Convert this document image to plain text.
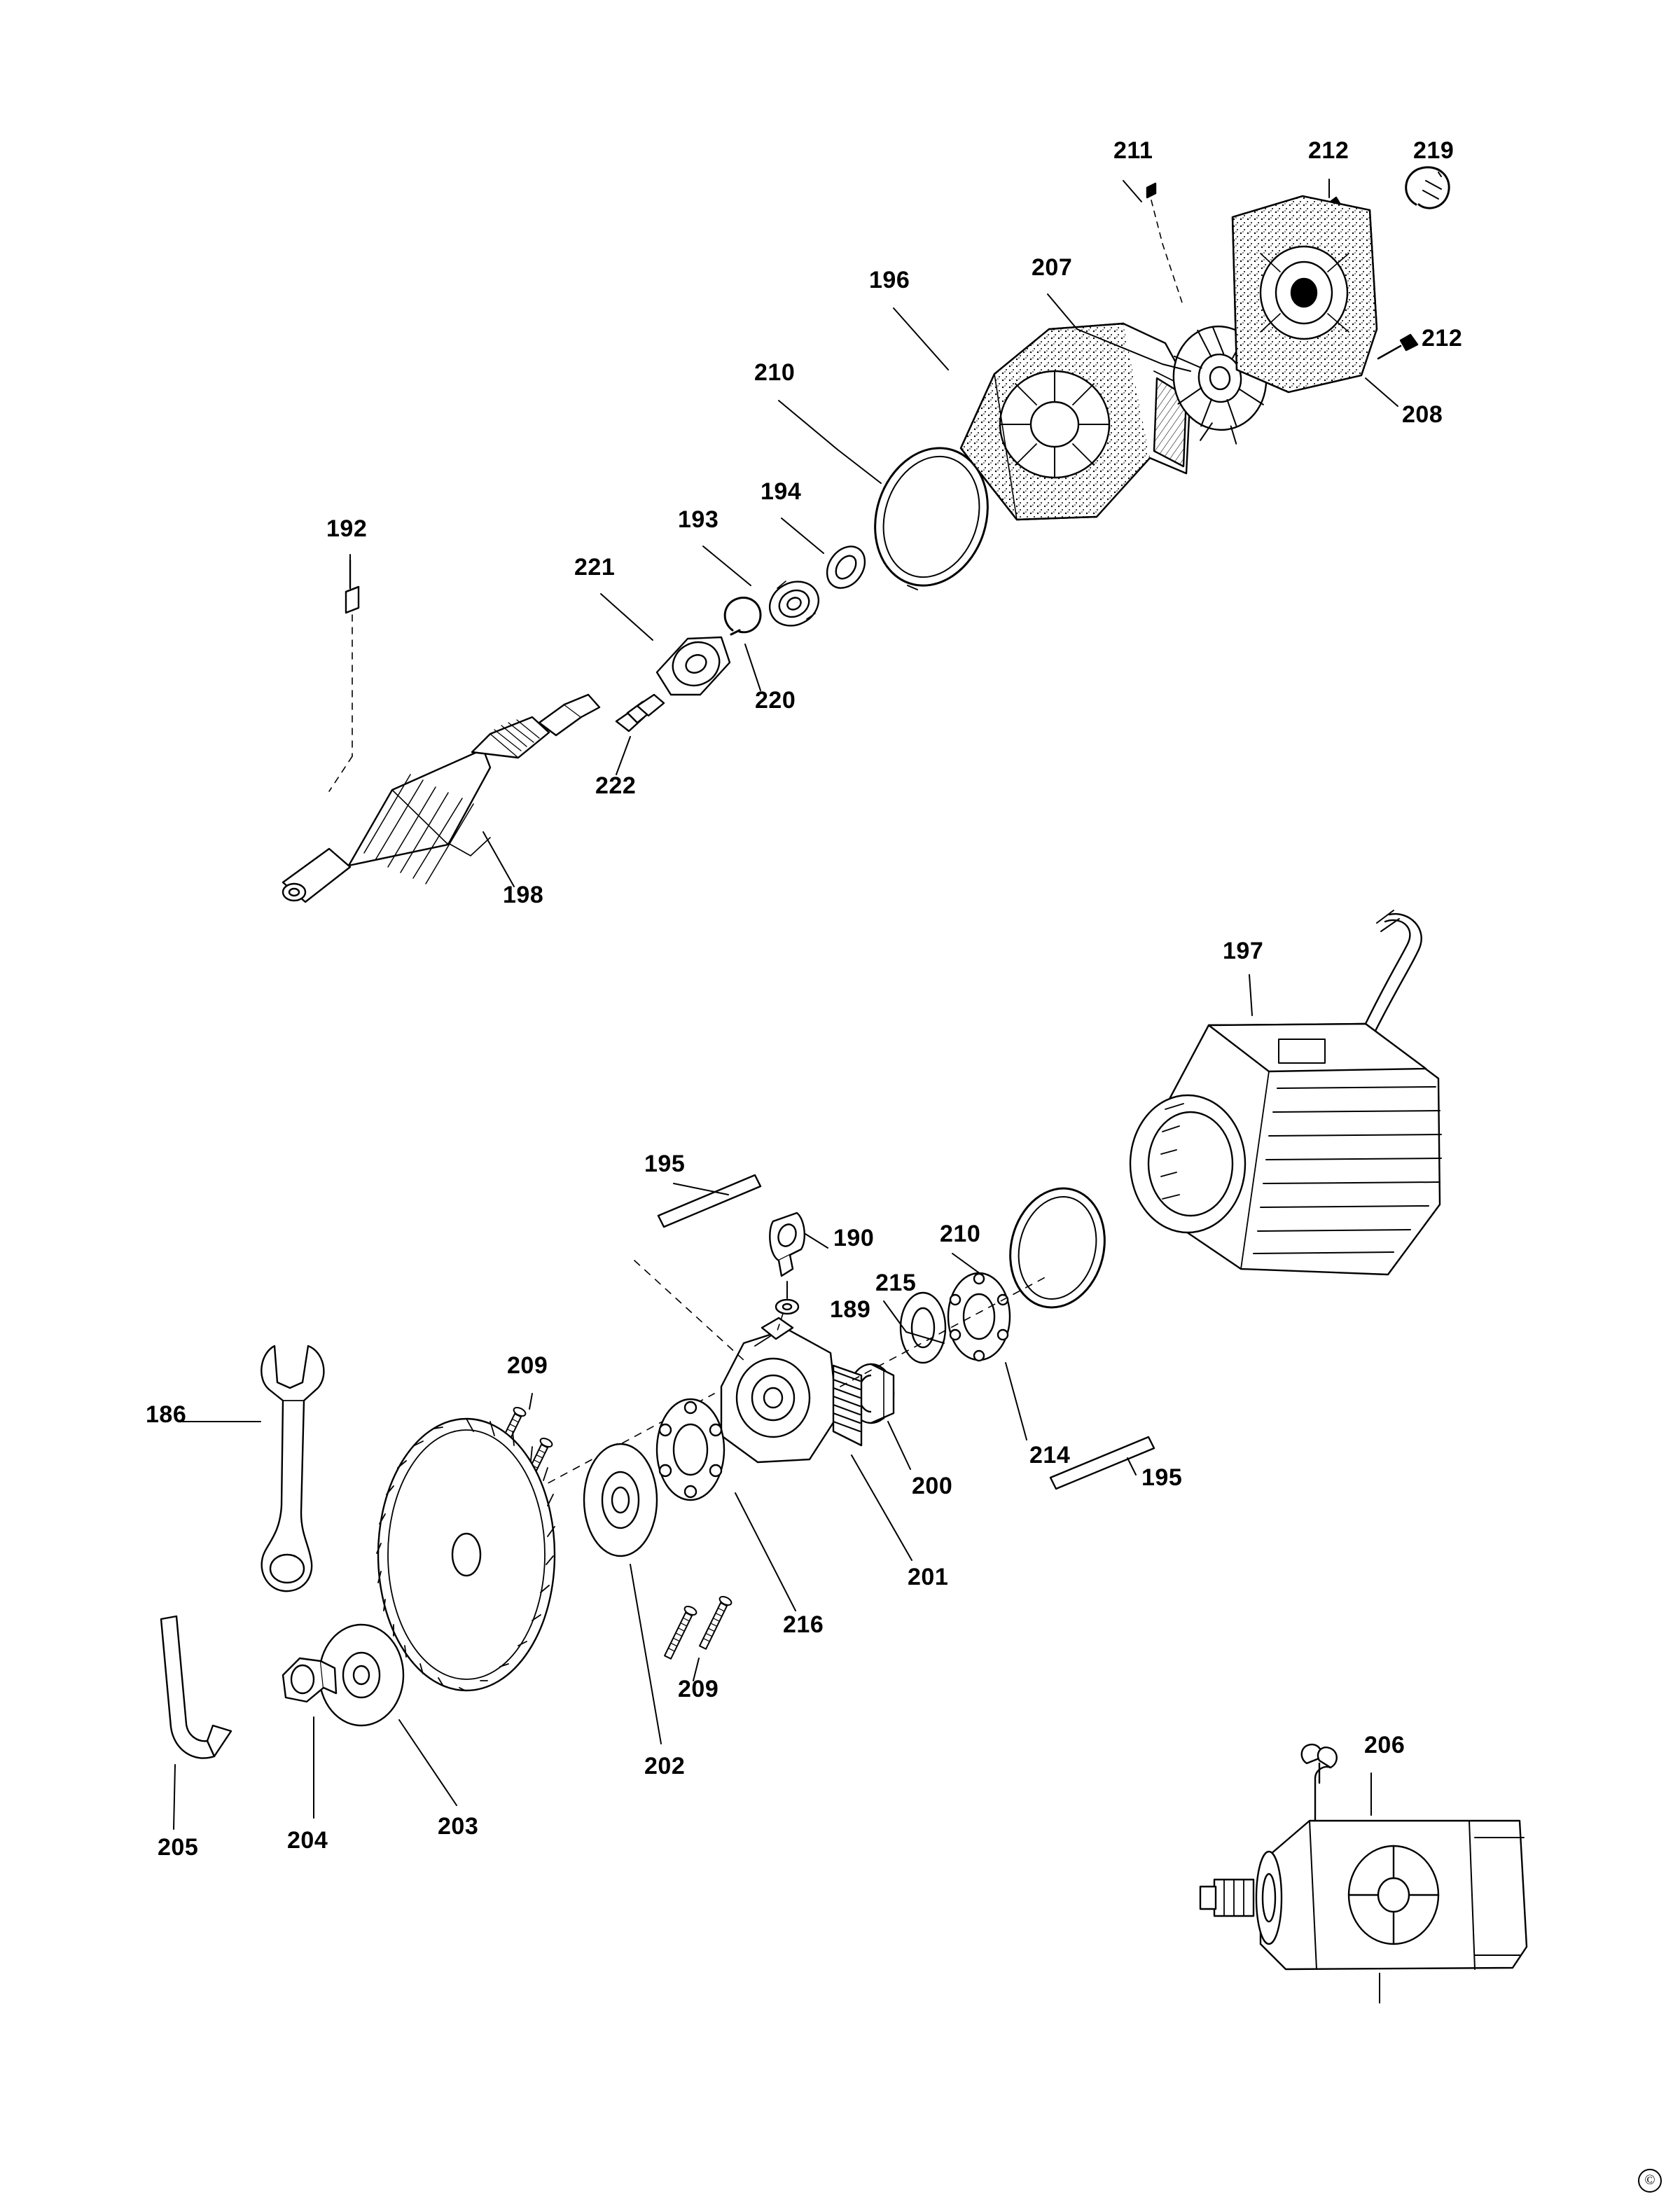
211	212	219
196	207
212
208
210
194
193
192
221
220
222
198
197
195
190	210
215
189
209
186
214
200	195
201
216
209
202
206
203
204
205
©
